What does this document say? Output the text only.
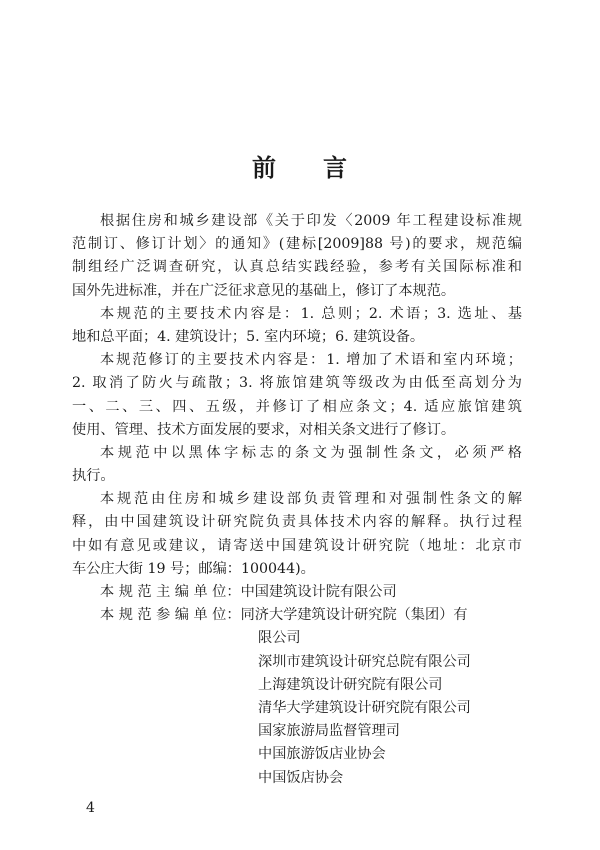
前 言
根据住房和城乡建设部《关于印发〈2009 年工程建设标准规
范制订、修订计划〉的通知》(建标[2009]88 号)的要求，规范编
制组经广泛调查研究，认真总结实践经验，参考有关国际标准和
国外先进标准，并在广泛征求意见的基础上，修订了本规范。
本规范的主要技术内容是：1. 总则；2. 术语；3. 选址、基
地和总平面；4. 建筑设计；5. 室内环境；6. 建筑设备。
本规范修订的主要技术内容是：1. 增加了术语和室内环境；
2. 取消了防火与疏散；3. 将旅馆建筑等级改为由低至高划分为
一、二、三、四、五级，并修订了相应条文；4. 适应旅馆建筑
使用、管理、技术方面发展的要求，对相关条文进行了修订。
本规范中以黑体字标志的条文为强制性条文，必须严格
执行。
本规范由住房和城乡建设部负责管理和对强制性条文的解
释，由中国建筑设计研究院负责具体技术内容的解释。执行过程
中如有意见或建议，请寄送中国建筑设计研究院（地址：北京市
车公庄大街 19 号；邮编：100044)。
本 规 范 主 编 单 位：中国建筑设计院有限公司
本 规 范 参 编 单 位：同济大学建筑设计研究院（集团）有
限公司
深圳市建筑设计研究总院有限公司
上海建筑设计研究院有限公司
清华大学建筑设计研究院有限公司
国家旅游局监督管理司
中国旅游饭店业协会
中国饭店协会
4
